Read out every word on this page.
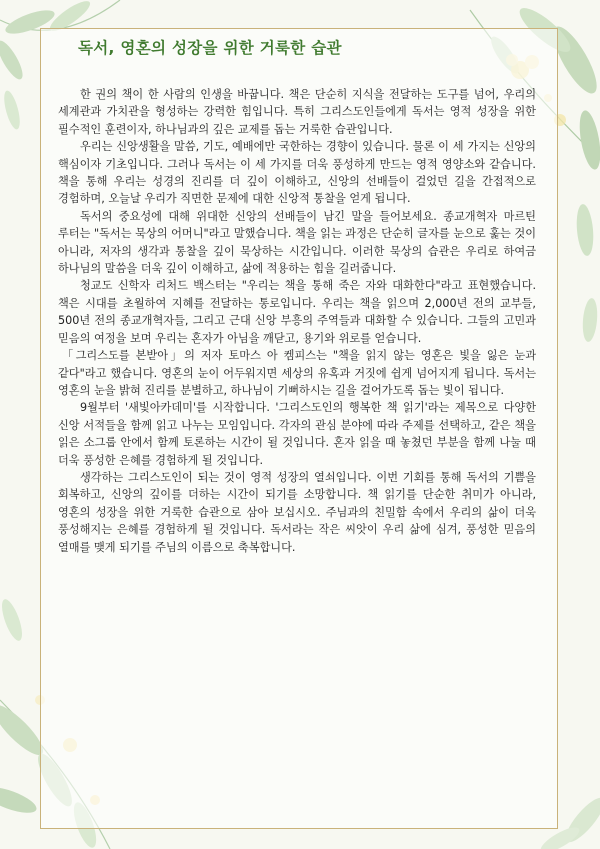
독서, 영혼의 성장을 위한 거룩한 습관

한 권의 책이 한 사람의 인생을 바꿉니다. 책은 단순히 지식을 전달하는 도구를 넘어, 우리의 세계관과 가치관을 형성하는 강력한 힘입니다. 특히 그리스도인들에게 독서는 영적 성장을 위한 필수적인 훈련이자, 하나님과의 깊은 교제를 돕는 거룩한 습관입니다.

우리는 신앙생활을 말씀, 기도, 예배에만 국한하는 경향이 있습니다. 물론 이 세 가지는 신앙의 핵심이자 기초입니다. 그러나 독서는 이 세 가지를 더욱 풍성하게 만드는 영적 영양소와 같습니다. 책을 통해 우리는 성경의 진리를 더 깊이 이해하고, 신앙의 선배들이 걸었던 길을 간접적으로 경험하며, 오늘날 우리가 직면한 문제에 대한 신앙적 통찰을 얻게 됩니다.

독서의 중요성에 대해 위대한 신앙의 선배들이 남긴 말을 들어보세요. 종교개혁자 마르틴 루터는 "독서는 묵상의 어머니"라고 말했습니다. 책을 읽는 과정은 단순히 글자를 눈으로 훑는 것이 아니라, 저자의 생각과 통찰을 깊이 묵상하는 시간입니다. 이러한 묵상의 습관은 우리로 하여금 하나님의 말씀을 더욱 깊이 이해하고, 삶에 적용하는 힘을 길러줍니다.

청교도 신학자 리처드 백스터는 "우리는 책을 통해 죽은 자와 대화한다"라고 표현했습니다. 책은 시대를 초월하여 지혜를 전달하는 통로입니다. 우리는 책을 읽으며 2,000년 전의 교부들, 500년 전의 종교개혁자들, 그리고 근대 신앙 부흥의 주역들과 대화할 수 있습니다. 그들의 고민과 믿음의 여정을 보며 우리는 혼자가 아님을 깨닫고, 용기와 위로를 얻습니다.

「그리스도를 본받아」의 저자 토마스 아 켐피스는 "책을 읽지 않는 영혼은 빛을 잃은 눈과 같다"라고 했습니다. 영혼의 눈이 어두워지면 세상의 유혹과 거짓에 쉽게 넘어지게 됩니다. 독서는 영혼의 눈을 밝혀 진리를 분별하고, 하나님이 기뻐하시는 길을 걸어가도록 돕는 빛이 됩니다.

9월부터 '새빛아카데미'를 시작합니다. '그리스도인의 행복한 책 읽기'라는 제목으로 다양한 신앙 서적들을 함께 읽고 나누는 모임입니다. 각자의 관심 분야에 따라 주제를 선택하고, 같은 책을 읽은 소그룹 안에서 함께 토론하는 시간이 될 것입니다. 혼자 읽을 때 놓쳤던 부분을 함께 나눌 때 더욱 풍성한 은혜를 경험하게 될 것입니다.

생각하는 그리스도인이 되는 것이 영적 성장의 열쇠입니다. 이번 기회를 통해 독서의 기쁨을 회복하고, 신앙의 깊이를 더하는 시간이 되기를 소망합니다. 책 읽기를 단순한 취미가 아니라, 영혼의 성장을 위한 거룩한 습관으로 삼아 보십시오. 주님과의 친밀함 속에서 우리의 삶이 더욱 풍성해지는 은혜를 경험하게 될 것입니다. 독서라는 작은 씨앗이 우리 삶에 심겨, 풍성한 믿음의 열매를 맺게 되기를 주님의 이름으로 축복합니다.
